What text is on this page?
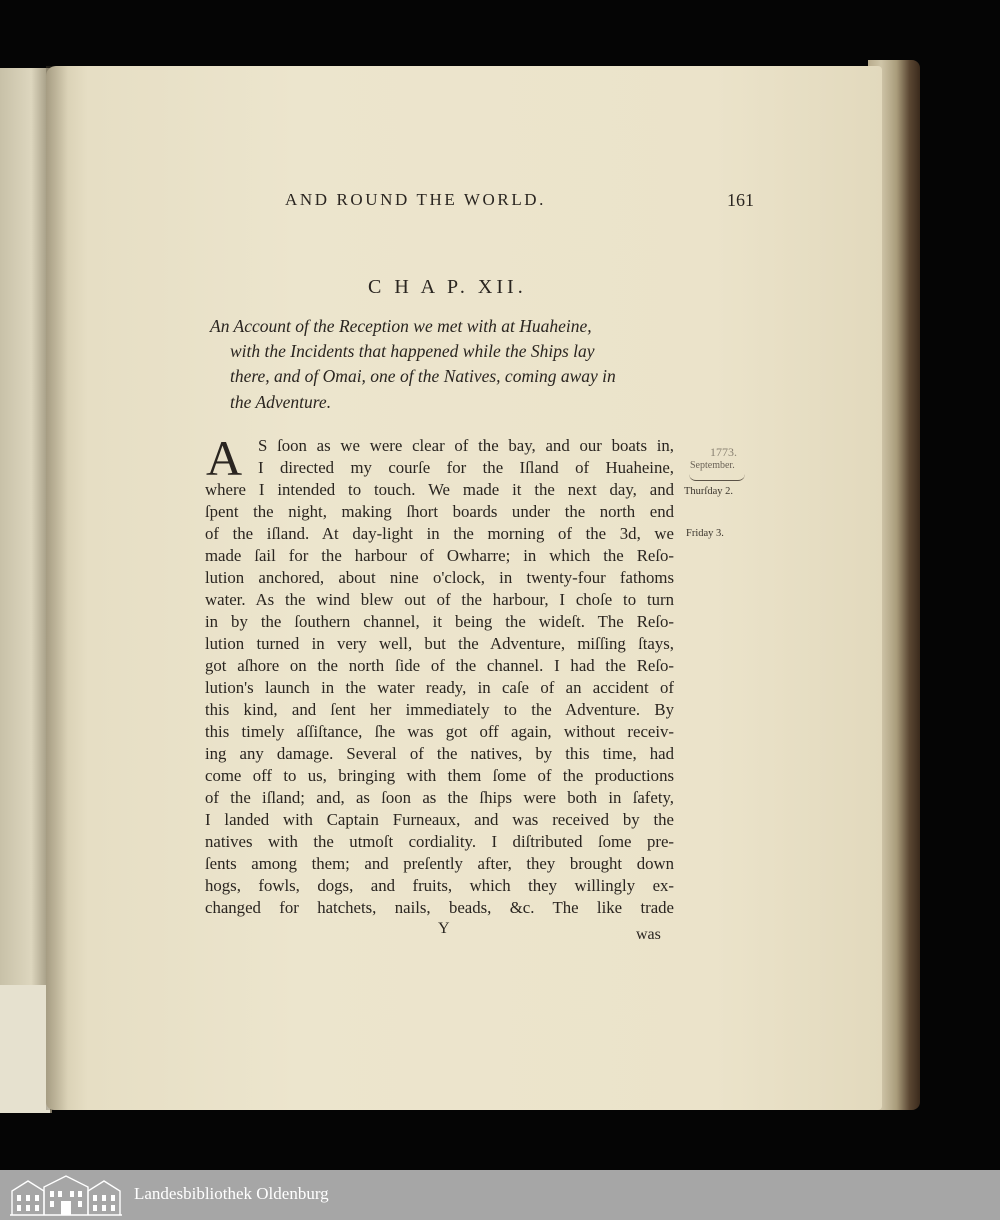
AND ROUND THE WORLD.	161
C H A P. XII.
An Account of the Reception we met with at Huaheine,
with the Incidents that happened while the Ships lay
there, and of Omai, one of the Natives, coming away in
the Adventure.
A S ſoon as we were clear of the bay, and our boats in,
I directed my courſe for the Iſland of Huaheine,
where I intended to touch. We made it the next day, and
ſpent the night, making ſhort boards under the north end
of the iſland. At day-light in the morning of the 3d, we
made ſail for the harbour of Owharre; in which the Reſo-
lution anchored, about nine o'clock, in twenty-four fathoms
water. As the wind blew out of the harbour, I choſe to turn
in by the ſouthern channel, it being the wideſt. The Reſo-
lution turned in very well, but the Adventure, miſſing ſtays,
got aſhore on the north ſide of the channel. I had the Reſo-
lution's launch in the water ready, in caſe of an accident of
this kind, and ſent her immediately to the Adventure. By
this timely aſſiſtance, ſhe was got off again, without receiv-
ing any damage. Several of the natives, by this time, had
come off to us, bringing with them ſome of the productions
of the iſland; and, as ſoon as the ſhips were both in ſafety,
I landed with Captain Furneaux, and was received by the
natives with the utmoſt cordiality. I diſtributed ſome pre-
ſents among them; and preſently after, they brought down
hogs, fowls, dogs, and fruits, which they willingly ex-
changed for hatchets, nails, beads, &c. The like trade
1773.
September.
Thurſday 2.
Friday 3.
Y	was
Landesbibliothek Oldenburg
